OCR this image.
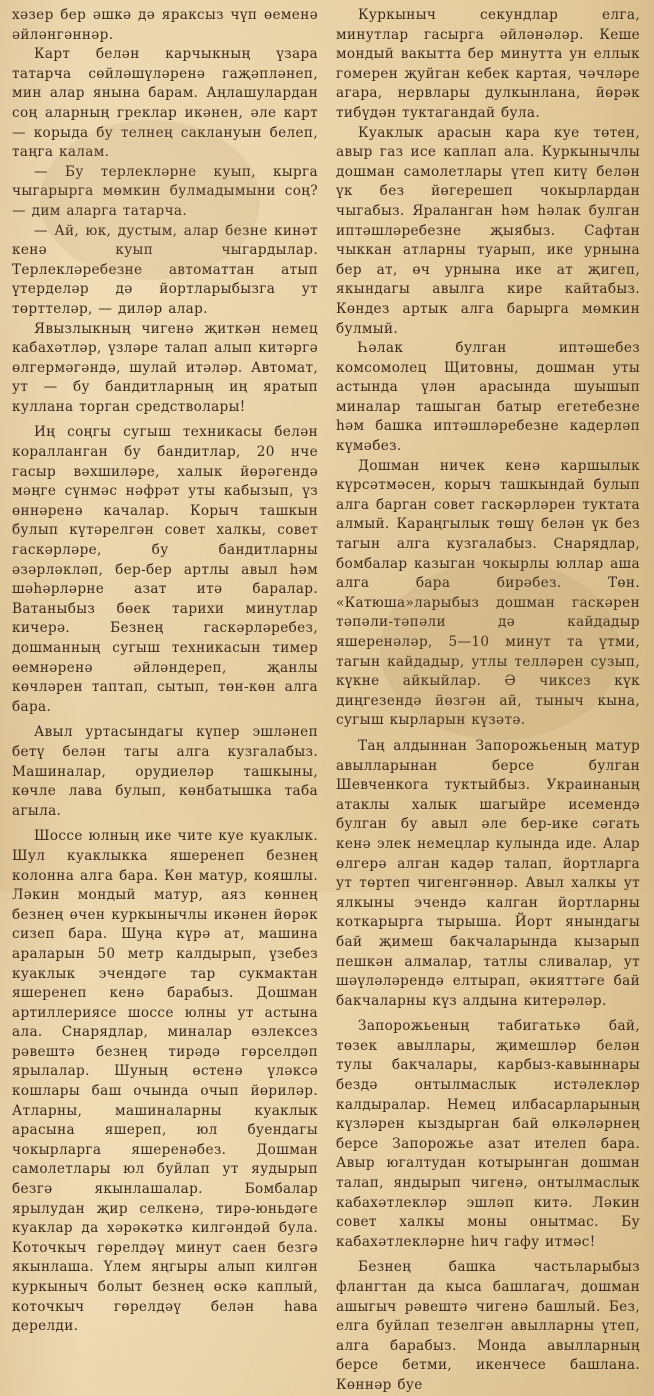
хәзер бер әшкә дә яраксыз чүп өеменә әйләнгәннәр.

Карт белән карчыкның үзара татарча сөйләшүләренә гаҗәпләнеп, мин алар янына барам. Аңлашулардан соң аларның греклар икәнен, әле карт — корыда бу телнең саклануын белеп, таңга калам.

— Бу терлекләрне куып, кырга чыгарырга мөмкин булмадымыни соң? — дим аларга татарча.

— Ай, юк, дустым, алар безне кинәт кенә куып чыгардылар. Терлекләребезне автоматтан атып үтерделәр дә йортларыбызга ут төрттеләр, — диләр алар.

Явызлыкның чигенә җиткән немец кабахәтләр, үзләре талап алып китәргә өлгермәгәндә, шулай итәләр. Автомат, ут — бу бандитларның иң яратып куллана торган средстволары!

Иң соңгы сугыш техникасы белән коралланган бу бандитлар, 20 нче гасыр вәхшиләре, халык йөрәгендә мәңге сүнмәс нәфрәт уты кабызып, үз өннәренә качалар. Корыч ташкын булып күтәрелгән совет халкы, совет гаскәрләре, бу бандитларны әзәрләкләп, бер-бер артлы авыл һәм шәһәрләрне азат итә баралар. Ватаныбыз бөек тарихи минутлар кичерә. Безнең гаскәрләребез, дошманның сугыш техникасын тимер өемнәренә әйләндереп, җанлы көчләрен таптап, сытып, төн-көн алга бара.

Авыл уртасындагы күпер эшләнеп бетү белән тагы алга кузгалабыз. Машиналар, орудиеләр ташкыны, көчле лава булып, көнбатышка таба агыла.

Шоссе юлның ике чите куе куаклык. Шул куаклыкка яшеренеп безнең колонна алга бара. Көн матур, кояшлы. Ләкин мондый матур, аяз көннең безнең өчен куркынычлы икәнен йөрәк сизеп бара. Шуңа күрә ат, машина араларын 50 метр калдырып, үзебез куаклык эчендәге тар сукмактан яшеренеп кенә барабыз. Дошман артиллериясе шоссе юлны ут астына ала. Снарядлар, миналар өзлексез рәвештә безнең тирәдә гөрселдәп ярылалар. Шуның өстенә үләксә кошлары баш очында очып йөриләр. Атларны, машиналарны куаклык арасына яшереп, юл буендагы чокырларга яшеренәбез. Дошман самолетлары юл буйлап ут яудырып безгә якынлашалар. Бомбалар ярылудан җир селкенә, тирә-юньдәге куаклар да хәрәкәткә килгәндәй була. Коточкыч гөрелдәү минут саен безгә якынлаша. Үлем яңгыры алып килгән куркыныч болыт безнең өскә каплый, коточкыч гөрелдәү белән һава дерелди.

Куркыныч секундлар елга, минутлар гасырга әйләнәләр. Кеше мондый вакытта бер минутта ун еллык гомерен җуйган кебек картая, чәчләре агара, нервлары дулкынлана, йөрәк тибүдән туктагандай була.

Куаклык арасын кара куе төтен, авыр газ исе каплап ала. Куркынычлы дошман самолетлары үтеп китү белән үк без йөгерешеп чокырлардан чыгабыз. Яраланган һәм һәлак булган иптәшләребезне җыябыз. Сафтан чыккан атларны туарып, ике урнына бер ат, өч урнына ике ат җигеп, якындагы авылга кире кайтабыз. Көндез артык алга барырга мөмкин булмый.

Һәлак булган иптәшебез комсомолец Щитовны, дошман уты астында үлән арасында шуышып миналар ташыган батыр егетебезне һәм башка иптәшләребезне кадерләп күмәбез.

Дошман ничек кенә каршылык күрсәтмәсен, корыч ташкындай булып алга барган совет гаскәрләрен туктата алмый. Караңгылык төшү белән үк без тагын алга кузгалабыз. Снарядлар, бомбалар казыган чокырлы юллар аша алга бара бирәбез. Төн. «Катюша»ларыбыз дошман гаскәрен тәпәли-тәпәли дә кайдадыр яшеренәләр, 5—10 минут та үтми, тагын кайдадыр, утлы телләрен сузып, күкне айкыйлар. Ә чиксез күк диңгезендә йөзгән ай, тыныч кына, сугыш кырларын күзәтә.

Таң алдыннан Запорожьеның матур авылларынан берсе булган Шевченкога туктыйбыз. Украинаның атаклы халык шагыйре исемендә булган бу авыл әле бер-ике сәгать кенә элек немецлар кулында иде. Алар өлгерә алган кадәр талап, йортларга ут төртеп чигенгәннәр. Авыл халкы ут ялкыны эчендә калган йортларны коткарырга тырыша. Йорт янындагы бай җимеш бакчаларында кызарып пешкән алмалар, татлы сливалар, ут шәүләләрендә елтырап, әкияттәге бай бакчаларны күз алдына китерәләр.

Запорожьеның табигатькә бай, төзек авыллары, җимешләр белән тулы бакчалары, карбыз-кавыннары бездә онтылмаслык истәлекләр калдыралар. Немец илбасарларының күзләрен кыздырган бай өлкәләрнең берсе Запорожье азат ителеп бара. Авыр югалтудан котырынган дошман талап, яндырып чигенә, онтылмаслык кабахәтлекләр эшләп китә. Ләкин совет халкы моны онытмас. Бу кабахәтлекләрне һич гафу итмәс!

Безнең башка частьларыбыз флангтан да кыса башлагач, дошман ашыгыч рәвештә чигенә башлый. Без, елга буйлап тезелгән авылларны үтеп, алга барабыз. Монда авылларның берсе бетми, икенчесе башлана. Көннәр буе
